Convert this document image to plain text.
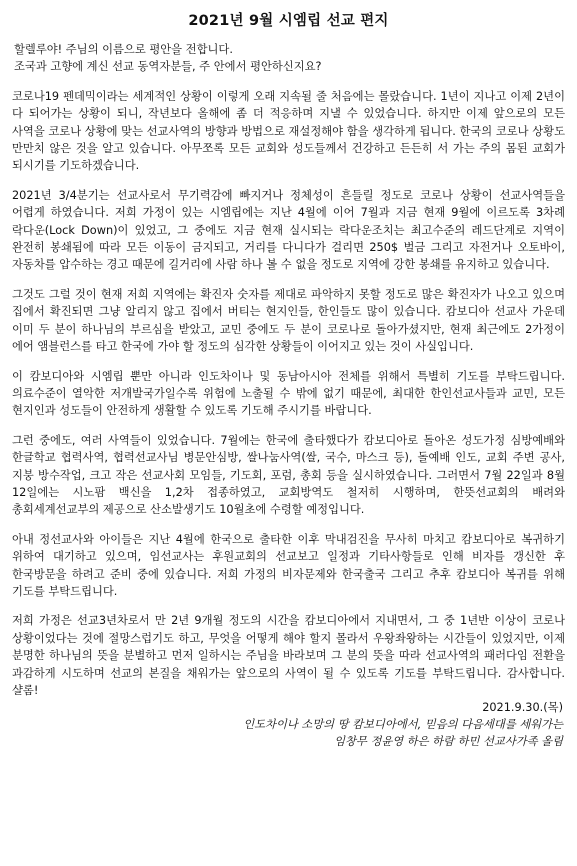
2021년 9월 시엠립 선교 편지
할렐루야! 주님의 이름으로 평안을 전합니다.
조국과 고향에 계신 선교 동역자분들, 주 안에서 평안하신지요?

코로나19 펜데믹이라는 세계적인 상황이 이렇게 오래 지속될 줄 처음에는 몰랐습니다. 1년이 지나고 이제 2년이 다 되어가는 상황이 되니, 작년보다 올해에 좀 더 적응하며 지낼 수 있었습니다. 하지만 이제 앞으로의 모든 사역을 코로나 상황에 맞는 선교사역의 방향과 방법으로 재설정해야 함을 생각하게 됩니다. 한국의 코로나 상황도 만만치 않은 것을 알고 있습니다. 아무쪼록 모든 교회와 성도들께서 건강하고 든든히 서 가는 주의 몸된 교회가 되시기를 기도하겠습니다.

2021년 3/4분기는 선교사로서 무기력감에 빠지거나 정체성이 흔들릴 정도로 코로나 상황이 선교사역들을 어렵게 하였습니다. 저희 가정이 있는 시엠립에는 지난 4월에 이어 7월과 지금 현재 9월에 이르도록 3차례 락다운(Lock Down)이 있었고, 그 중에도 지금 현재 실시되는 락다운조치는 최고수준의 레드단계로 지역이 완전히 봉쇄됨에 따라 모든 이동이 금지되고, 거리를 다니다가 걸리면 250$ 벌금 그리고 자전거나 오토바이, 자동차를 압수하는 경고 때문에 길거리에 사람 하나 볼 수 없을 정도로 지역에 강한 봉쇄를 유지하고 있습니다.

그것도 그럴 것이 현재 저희 지역에는 확진자 숫자를 제대로 파악하지 못할 정도로 많은 확진자가 나오고 있으며 집에서 확진되면 그냥 알리지 않고 집에서 버티는 현지인들, 한인들도 많이 있습니다. 캄보디아 선교사 가운데 이미 두 분이 하나님의 부르심을 받았고, 교민 중에도 두 분이 코로나로 돌아가셨지만, 현재 최근에도 2가정이 에어 앰블런스를 타고 한국에 가야 할 정도의 심각한 상황들이 이어지고 있는 것이 사실입니다.

이 캄보디아와 시엠립 뿐만 아니라 인도차이나 및 동남아시아 전체를 위해서 특별히 기도를 부탁드립니다. 의료수준이 열악한 저개발국가일수록 위험에 노출될 수 밖에 없기 때문에, 최대한 한인선교사들과 교민, 모든 현지인과 성도들이 안전하게 생활할 수 있도록 기도해 주시기를 바랍니다.

그런 중에도, 여러 사역들이 있었습니다. 7월에는 한국에 출타했다가 캄보디아로 돌아온 성도가정 심방예배와 한글학교 협력사역, 협력선교사님 병문안심방, 쌀나눔사역(쌀, 국수, 마스크 등), 돌예배 인도, 교회 주변 공사, 지붕 방수작업, 크고 작은 선교사회 모임들, 기도회, 포럼, 총회 등을 실시하였습니다. 그러면서 7월 22일과 8월 12일에는 시노팜 백신을 1,2차 접종하였고, 교회방역도 철저히 시행하며, 한뜻선교회의 배려와 총회세계선교부의 제공으로 산소발생기도 10월초에 수령할 예정입니다.

아내 정선교사와 아이들은 지난 4월에 한국으로 출타한 이후 막내검진을 무사히 마치고 캄보디아로 복귀하기 위하여 대기하고 있으며, 임선교사는 후원교회의 선교보고 일정과 기타사항들로 인해 비자를 갱신한 후 한국방문을 하려고 준비 중에 있습니다. 저희 가정의 비자문제와 한국출국 그리고 추후 캄보디아 복귀를 위해 기도를 부탁드립니다.

저희 가정은 선교3년차로서 만 2년 9개월 정도의 시간을 캄보디아에서 지내면서, 그 중 1년반 이상이 코로나 상황이었다는 것에 절망스럽기도 하고, 무엇을 어떻게 해야 할지 몰라서 우왕좌왕하는 시간들이 있었지만, 이제 분명한 하나님의 뜻을 분별하고 먼저 일하시는 주님을 바라보며 그 분의 뜻을 따라 선교사역의 패러다임 전환을 과감하게 시도하며 선교의 본질을 채워가는 앞으로의 사역이 될 수 있도록 기도를 부탁드립니다. 감사합니다. 샬롬!

2021.9.30.(목)

인도차이나 소망의 땅 캄보디아에서, 믿음의 다음세대를 세워가는

임창무 정윤영 하은 하람 하민 선교사가족 올림
